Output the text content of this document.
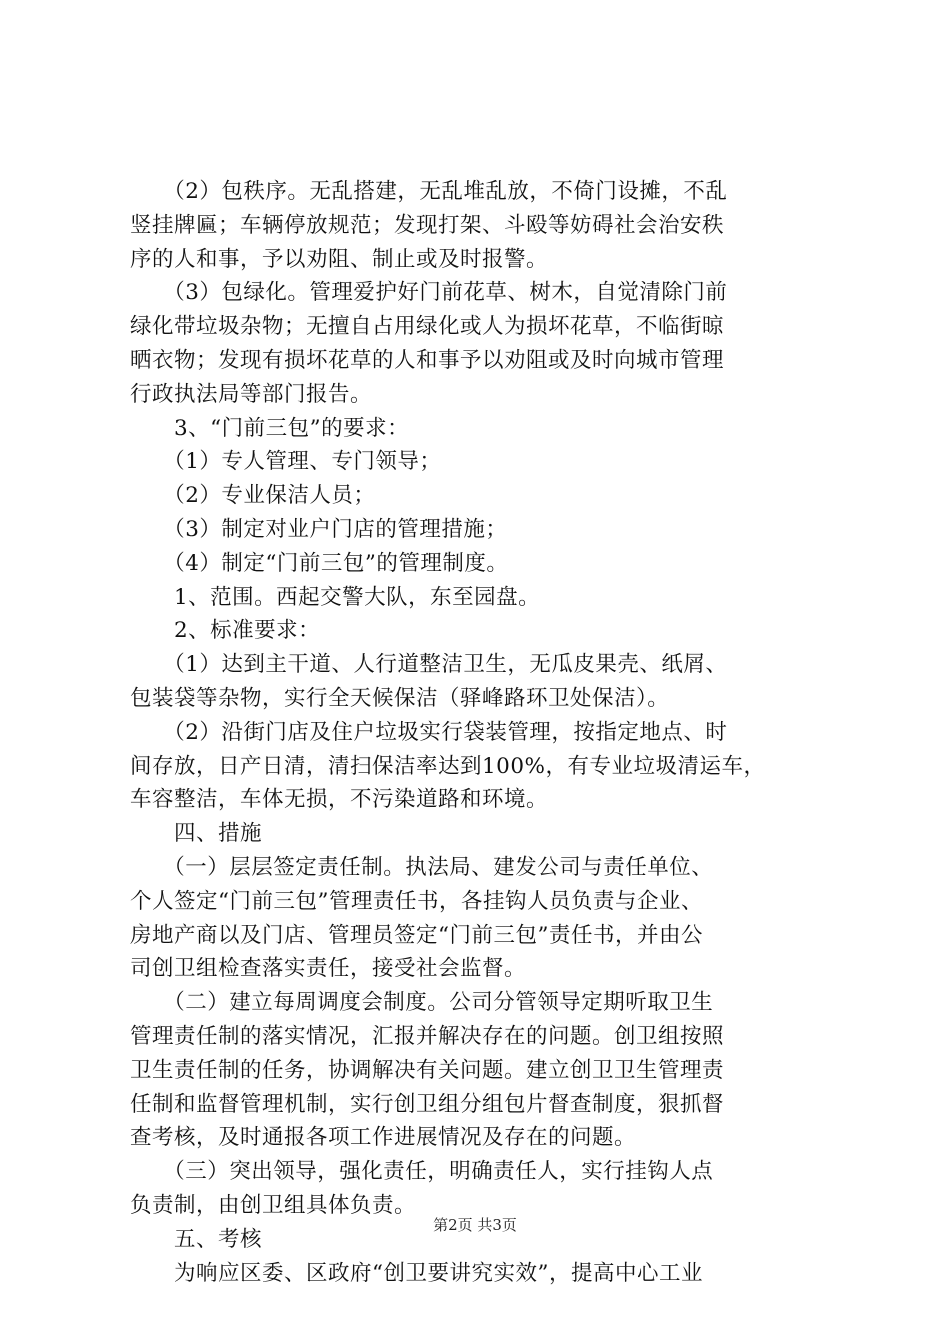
　　（2）包秩序。无乱搭建，无乱堆乱放，不倚门设摊，不乱
竖挂牌匾；车辆停放规范；发现打架、斗殴等妨碍社会治安秩
序的人和事，予以劝阻、制止或及时报警。
　　（3）包绿化。管理爱护好门前花草、树木，自觉清除门前
绿化带垃圾杂物；无擅自占用绿化或人为损坏花草，不临街晾
晒衣物；发现有损坏花草的人和事予以劝阻或及时向城市管理
行政执法局等部门报告。
　　3、“门前三包”的要求：
　　（1）专人管理、专门领导；
　　（2）专业保洁人员；
　　（3）制定对业户门店的管理措施；
　　（4）制定“门前三包”的管理制度。
　　1、范围。西起交警大队，东至园盘。
　　2、标准要求：
　　（1）达到主干道、人行道整洁卫生，无瓜皮果壳、纸屑、
包装袋等杂物，实行全天候保洁（驿峰路环卫处保洁）。
　　（2）沿街门店及住户垃圾实行袋装管理，按指定地点、时
间存放，日产日清，清扫保洁率达到100%，有专业垃圾清运车，
车容整洁，车体无损，不污染道路和环境。
　　四、措施
　　（一）层层签定责任制。执法局、建发公司与责任单位、
个人签定“门前三包”管理责任书，各挂钩人员负责与企业、
房地产商以及门店、管理员签定“门前三包”责任书，并由公
司创卫组检查落实责任，接受社会监督。
　　（二）建立每周调度会制度。公司分管领导定期听取卫生
管理责任制的落实情况，汇报并解决存在的问题。创卫组按照
卫生责任制的任务，协调解决有关问题。建立创卫卫生管理责
任制和监督管理机制，实行创卫组分组包片督查制度，狠抓督
查考核，及时通报各项工作进展情况及存在的问题。
　　（三）突出领导，强化责任，明确责任人，实行挂钩人点
负责制，由创卫组具体负责。
　　五、考核
　　为响应区委、区政府“创卫要讲究实效”，提高中心工业
第2页 共3页
